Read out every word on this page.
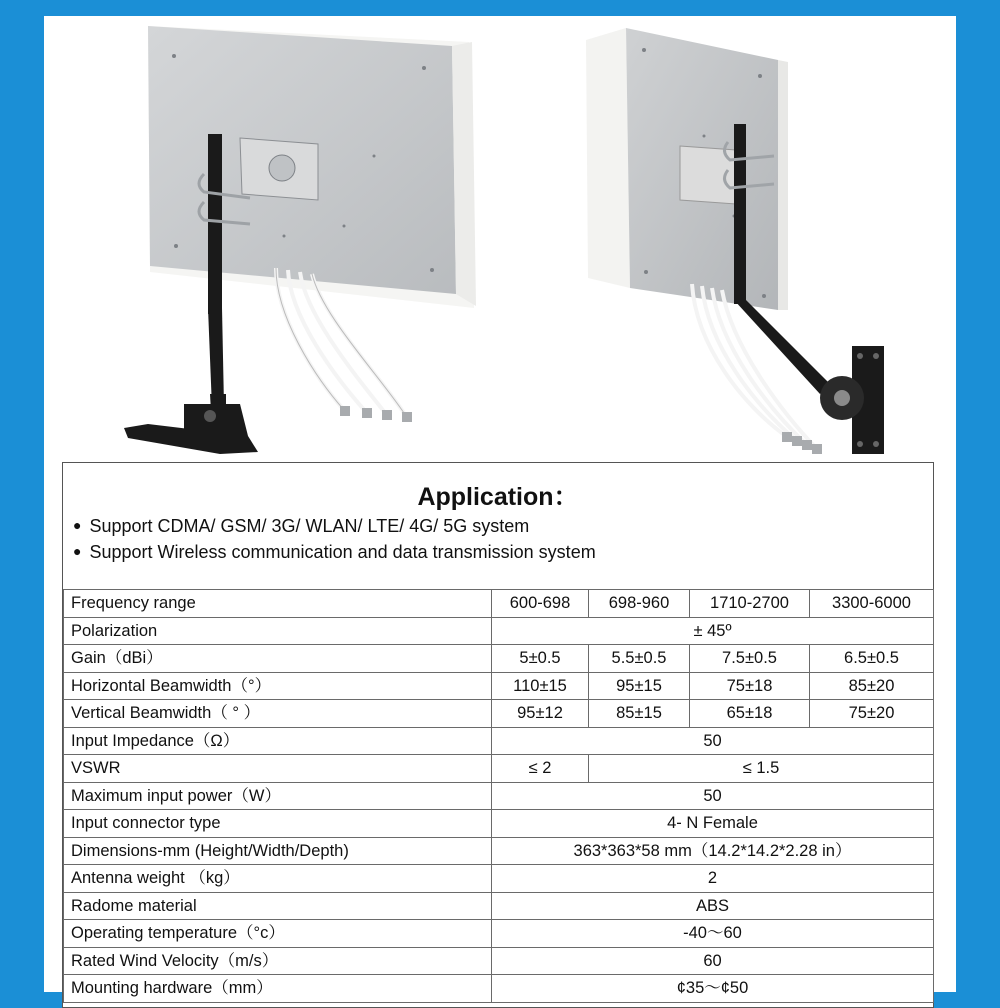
Application：
● Support CDMA/ GSM/ 3G/ WLAN/ LTE/ 4G/ 5G system
● Support Wireless communication and data transmission system
Frequency range	600-698	698-960	1710-2700	3300-6000
Polarization	± 45º			
Gain（dBi）	5±0.5	5.5±0.5	7.5±0.5	6.5±0.5
Horizontal Beamwidth（°）	110±15	95±15	75±18	85±20
Vertical Beamwidth（ ° ）	95±12	85±15	65±18	75±20
Input Impedance（Ω）	50			
VSWR	≤ 2	≤ 1.5		
Maximum input power（W）	50			
Input connector type	4- N Female			
Dimensions-mm (Height/Width/Depth)	363*363*58 mm（14.2*14.2*2.28 in）			
Antenna weight （kg）	2			
Radome material	ABS			
Operating temperature（°c）	-40～60			
Rated Wind Velocity（m/s）	60			
Mounting hardware（mm）	¢35～¢50			
